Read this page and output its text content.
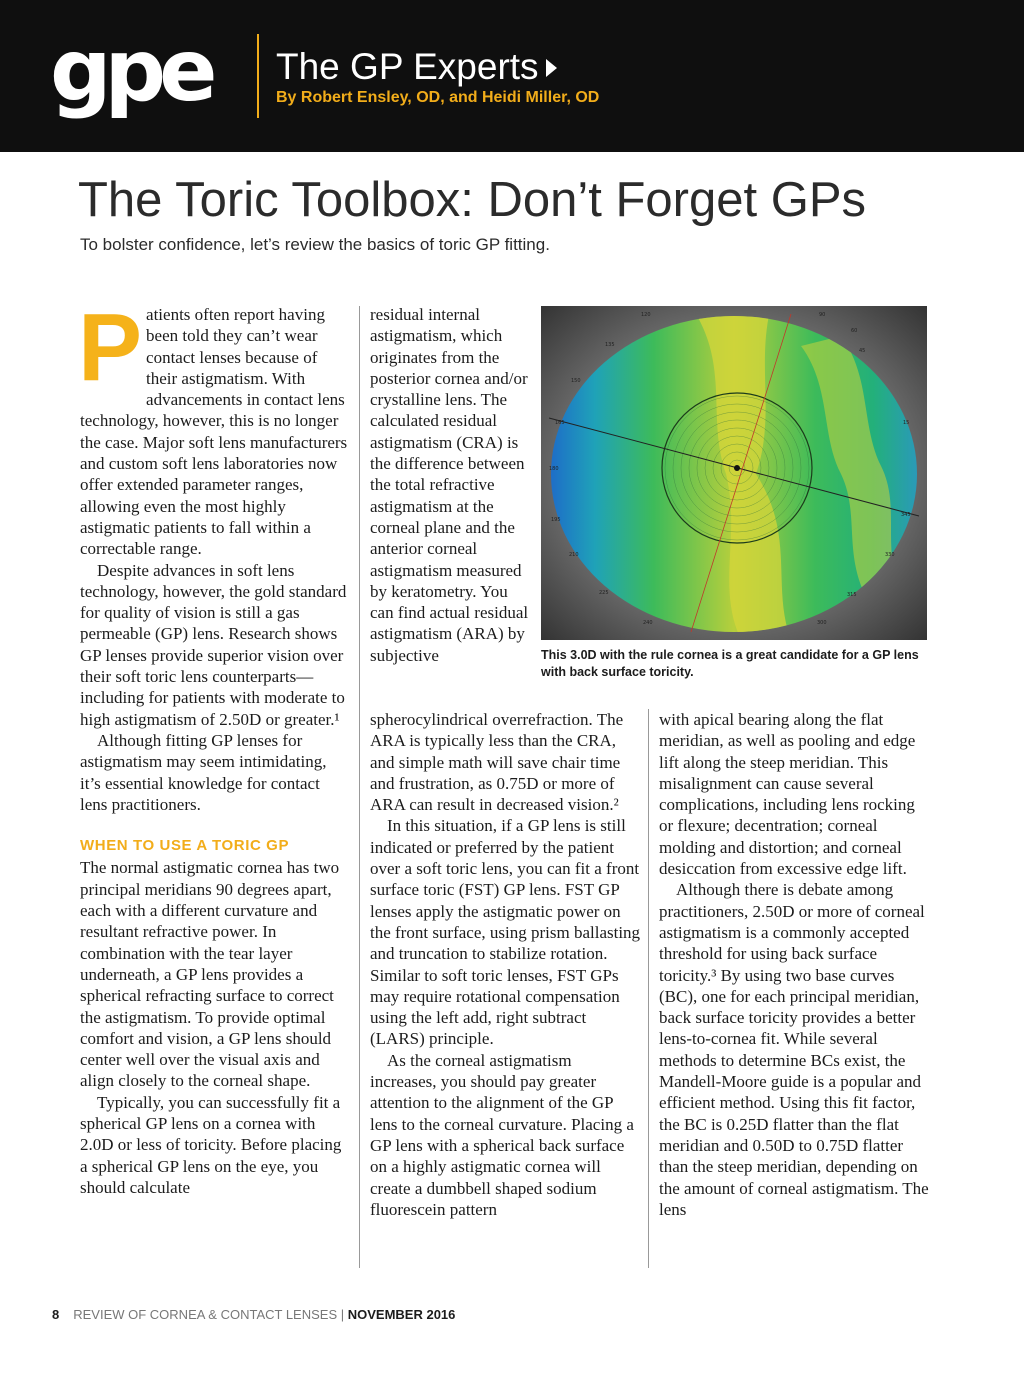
gpe The GP Experts
By Robert Ensley, OD, and Heidi Miller, OD
The Toric Toolbox: Don’t Forget GPs
To bolster confidence, let’s review the basics of toric GP fitting.
P atients often report having been told they can’t wear contact lenses because of their astigmatism. With advancements in contact lens technology, however, this is no longer the case. Major soft lens manufacturers and custom soft lens laboratories now offer extended parameter ranges, allowing even the most highly astigmatic patients to fall within a correctable range.

Despite advances in soft lens technology, however, the gold standard for quality of vision is still a gas permeable (GP) lens. Research shows GP lenses provide superior vision over their soft toric lens counterparts—including for patients with moderate to high astigmatism of 2.50D or greater.¹

Although fitting GP lenses for astigmatism may seem intimidating, it’s essential knowledge for contact lens practitioners.

WHEN TO USE A TORIC GP

The normal astigmatic cornea has two principal meridians 90 degrees apart, each with a different curvature and resultant refractive power. In combination with the tear layer underneath, a GP lens provides a spherical refracting surface to correct the astigmatism. To provide optimal comfort and vision, a GP lens should center well over the visual axis and align closely to the corneal shape.

Typically, you can successfully fit a spherical GP lens on a cornea with 2.0D or less of toricity. Before placing a spherical GP lens on the eye, you should calculate

residual internal astigmatism, which originates from the posterior cornea and/or crystalline lens. The calculated residual astigmatism (CRA) is the difference between the total refractive astigmatism at the corneal plane and the anterior corneal astigmatism measured by keratometry. You can find actual residual astigmatism (ARA) by subjective

120	90
60
135
45
150
165	15
180
345
195
210	330
225	315
240	300
This 3.0D with the rule cornea is a great candidate for a GP lens with back surface toricity.

spherocylindrical overrefraction. The ARA is typically less than the CRA, and simple math will save chair time and frustration, as 0.75D or more of ARA can result in decreased vision.²

In this situation, if a GP lens is still indicated or preferred by the patient over a soft toric lens, you can fit a front surface toric (FST) GP lens. FST GP lenses apply the astigmatic power on the front surface, using prism ballasting and truncation to stabilize rotation. Similar to soft toric lenses, FST GPs may require rotational compensation using the left add, right subtract (LARS) principle.

As the corneal astigmatism increases, you should pay greater attention to the alignment of the GP lens to the corneal curvature. Placing a GP lens with a spherical back surface on a highly astigmatic cornea will create a dumbbell shaped sodium fluorescein pattern

with apical bearing along the flat meridian, as well as pooling and edge lift along the steep meridian. This misalignment can cause several complications, including lens rocking or flexure; decentration; corneal molding and distortion; and corneal desiccation from excessive edge lift.

Although there is debate among practitioners, 2.50D or more of corneal astigmatism is a commonly accepted threshold for using back surface toricity.³ By using two base curves (BC), one for each principal meridian, back surface toricity provides a better lens-to-cornea fit. While several methods to determine BCs exist, the Mandell-Moore guide is a popular and efficient method. Using this fit factor, the BC is 0.25D flatter than the flat meridian and 0.50D to 0.75D flatter than the steep meridian, depending on the amount of corneal astigmatism. The lens

8 REVIEW OF CORNEA & CONTACT LENSES | NOVEMBER 2016
